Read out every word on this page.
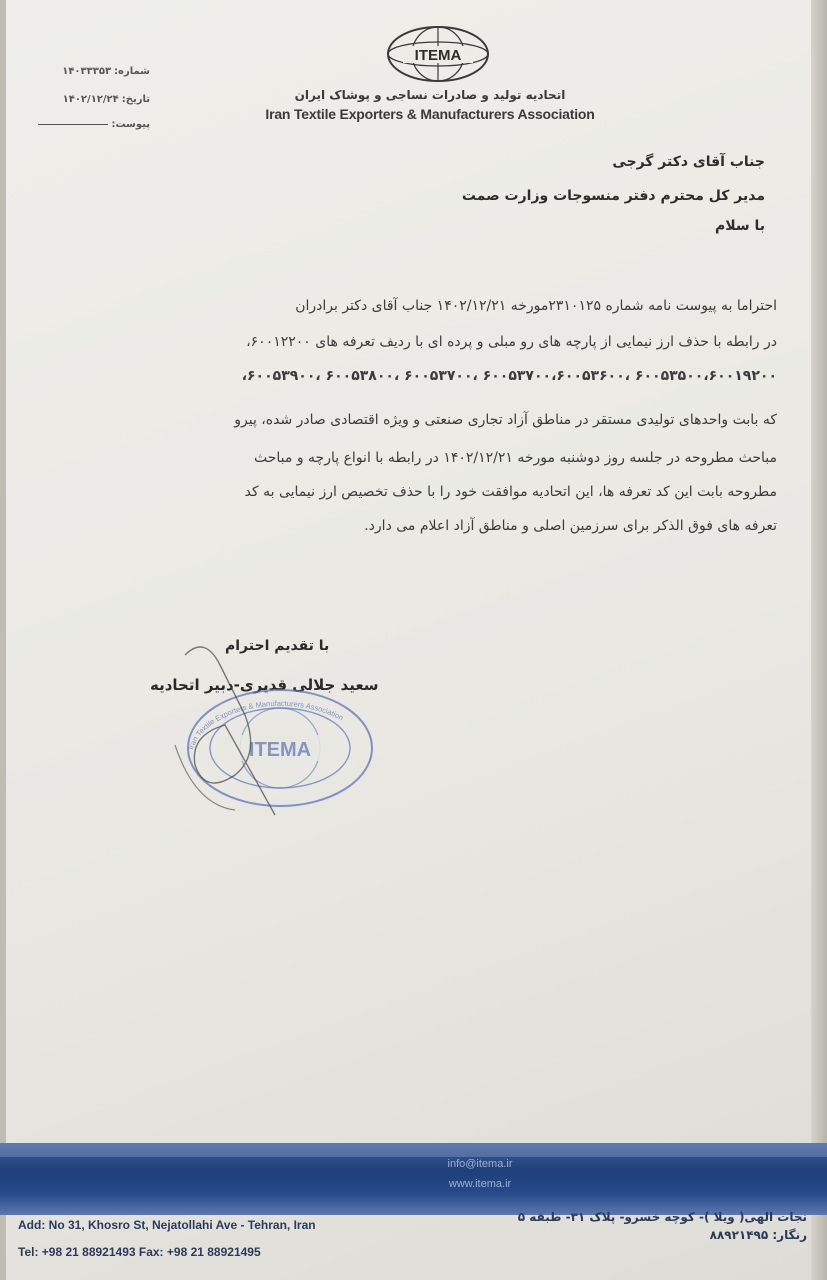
ITEMA
اتحادیه تولید و صادرات نساجی و پوشاک ایران
Iran Textile Exporters & Manufacturers Association
شماره:۱۴۰۳۳۳۵۳
تاریخ:۱۴۰۲/۱۲/۲۴
پیوست:
جناب آقای دکتر گرجی
مدیر کل محترم دفتر منسوجات وزارت صمت
با سلام
احتراما به پیوست نامه شماره ۲۳۱۰۱۲۵مورخه ۱۴۰۲/۱۲/۲۱ جناب آقای دکتر برادران
در رابطه با حذف ارز نیمایی از پارچه های رو مبلی و پرده ای با ردیف تعرفه های ۶۰۰۱۲۲۰۰،
۶۰۰۵۳۵۰۰،۶۰۰۱۹۲۰۰ ،۶۰۰۵۳۷۰۰،۶۰۰۵۳۶۰۰ ،۶۰۰۵۳۷۰۰ ،۶۰۰۵۳۸۰۰ ،۶۰۰۵۳۹۰۰،
که بابت واحدهای تولیدی مستقر در مناطق آزاد تجاری صنعتی و ویژه اقتصادی صادر شده، پیرو
مباحث مطروحه در جلسه روز دوشنبه مورخه ۱۴۰۲/۱۲/۲۱ در رابطه با انواع پارچه و مباحث
مطروحه بابت این کد تعرفه ها، این اتحادیه موافقت خود را با حذف تخصیص ارز نیمایی به کد
تعرفه های فوق الذکر برای سرزمین اصلی و مناطق آزاد اعلام می دارد.
با تقدیم احترام
سعید جلالی قدیری-دبیر اتحادیه
ITEMA
Iran Textile Exporters & Manufacturers Association
info@itema.ir
www.itema.ir
Add: No 31, Khosro St, Nejatollahi Ave - Tehran, Iran
Tel: +98 21 88921493 Fax: +98 21 88921495
نجات الهی( ویلا )- کوچه خسرو- پلاک ۳۱- طبقه ۵
رنگار: ۸۸۹۲۱۴۹۵
